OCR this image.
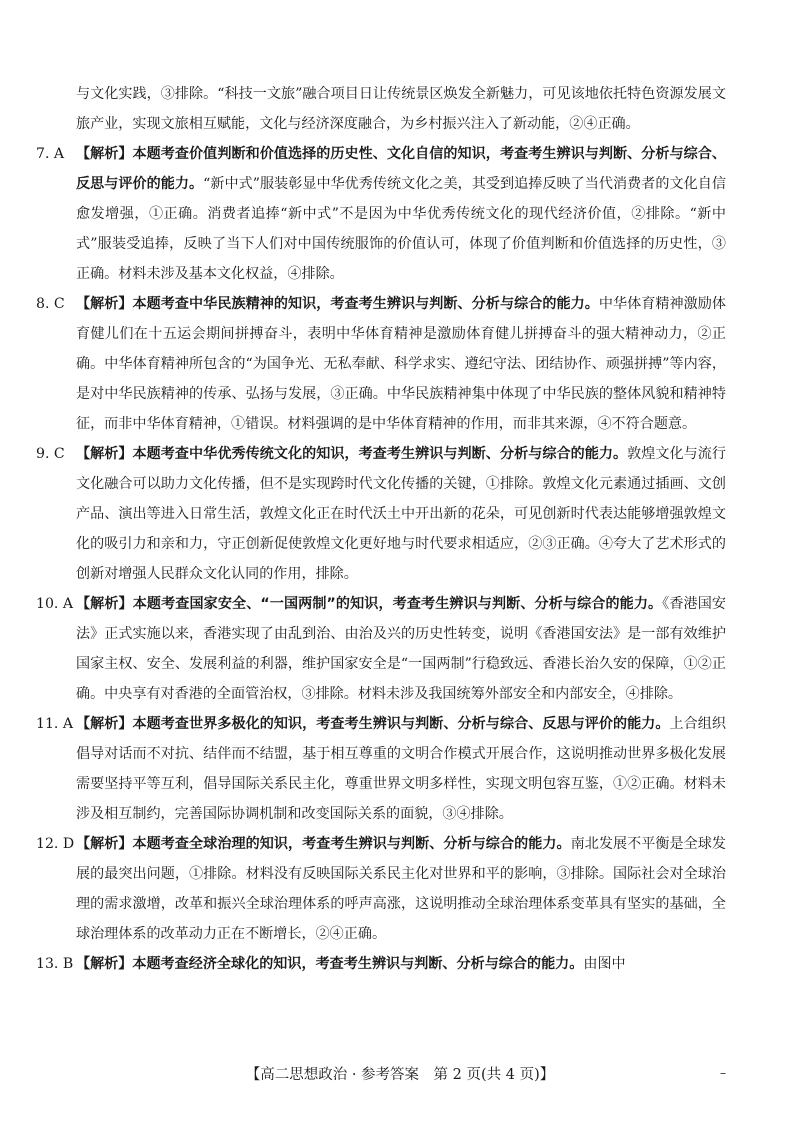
与文化实践，③排除。“科技一文旅”融合项目日让传统景区焕发全新魅力，可见该地依托特色资源发展文旅产业，实现文旅相互赋能，文化与经济深度融合，为乡村振兴注入了新动能，②④正确。
7. A 【解析】本题考查价值判断和价值选择的历史性、文化自信的知识，考查考生辨识与判断、分析与综合、反思与评价的能力。“新中式”服装彰显中华优秀传统文化之美，其受到追捧反映了当代消费者的文化自信愈发增强，①正确。消费者追捧“新中式”不是因为中华优秀传统文化的现代经济价值，②排除。“新中式”服装受追捧，反映了当下人们对中国传统服饰的价值认可，体现了价值判断和价值选择的历史性，③正确。材料未涉及基本文化权益，④排除。
8. C 【解析】本题考查中华民族精神的知识，考查考生辨识与判断、分析与综合的能力。中华体育精神激励体育健儿们在十五运会期间拼搏奋斗，表明中华体育精神是激励体育健儿拼搏奋斗的强大精神动力，②正确。中华体育精神所包含的“为国争光、无私奉献、科学求实、遵纪守法、团结协作、顽强拼搏”等内容，是对中华民族精神的传承、弘扬与发展，③正确。中华民族精神集中体现了中华民族的整体风貌和精神特征，而非中华体育精神，①错误。材料强调的是中华体育精神的作用，而非其来源，④不符合题意。
9. C 【解析】本题考查中华优秀传统文化的知识，考查考生辨识与判断、分析与综合的能力。敦煌文化与流行文化融合可以助力文化传播，但不是实现跨时代文化传播的关键，①排除。敦煌文化元素通过插画、文创产品、演出等进入日常生活，敦煌文化正在时代沃土中开出新的花朵，可见创新时代表达能够增强敦煌文化的吸引力和亲和力，守正创新促使敦煌文化更好地与时代要求相适应，②③正确。④夸大了艺术形式的创新对增强人民群众文化认同的作用，排除。
10. A 【解析】本题考查国家安全、“一国两制”的知识，考查考生辨识与判断、分析与综合的能力。《香港国安法》正式实施以来，香港实现了由乱到治、由治及兴的历史性转变，说明《香港国安法》是一部有效维护国家主权、安全、发展利益的利器，维护国家安全是“一国两制”行稳致远、香港长治久安的保障，①②正确。中央享有对香港的全面管治权，③排除。材料未涉及我国统筹外部安全和内部安全，④排除。
11. A 【解析】本题考查世界多极化的知识，考查考生辨识与判断、分析与综合、反思与评价的能力。上合组织倡导对话而不对抗、结伴而不结盟，基于相互尊重的文明合作模式开展合作，这说明推动世界多极化发展需要坚持平等互利，倡导国际关系民主化，尊重世界文明多样性，实现文明包容互鉴，①②正确。材料未涉及相互制约，完善国际协调机制和改变国际关系的面貌，③④排除。
12. D 【解析】本题考查全球治理的知识，考查考生辨识与判断、分析与综合的能力。南北发展不平衡是全球发展的最突出问题，①排除。材料没有反映国际关系民主化对世界和平的影响，③排除。国际社会对全球治理的需求激增，改革和振兴全球治理体系的呼声高涨，这说明推动全球治理体系变革具有坚实的基础，全球治理体系的改革动力正在不断增长，②④正确。
13. B 【解析】本题考查经济全球化的知识，考查考生辨识与判断、分析与综合的能力。由图中
【高二思想政治 · 参考答案　第 2 页(共 4 页)】	–
